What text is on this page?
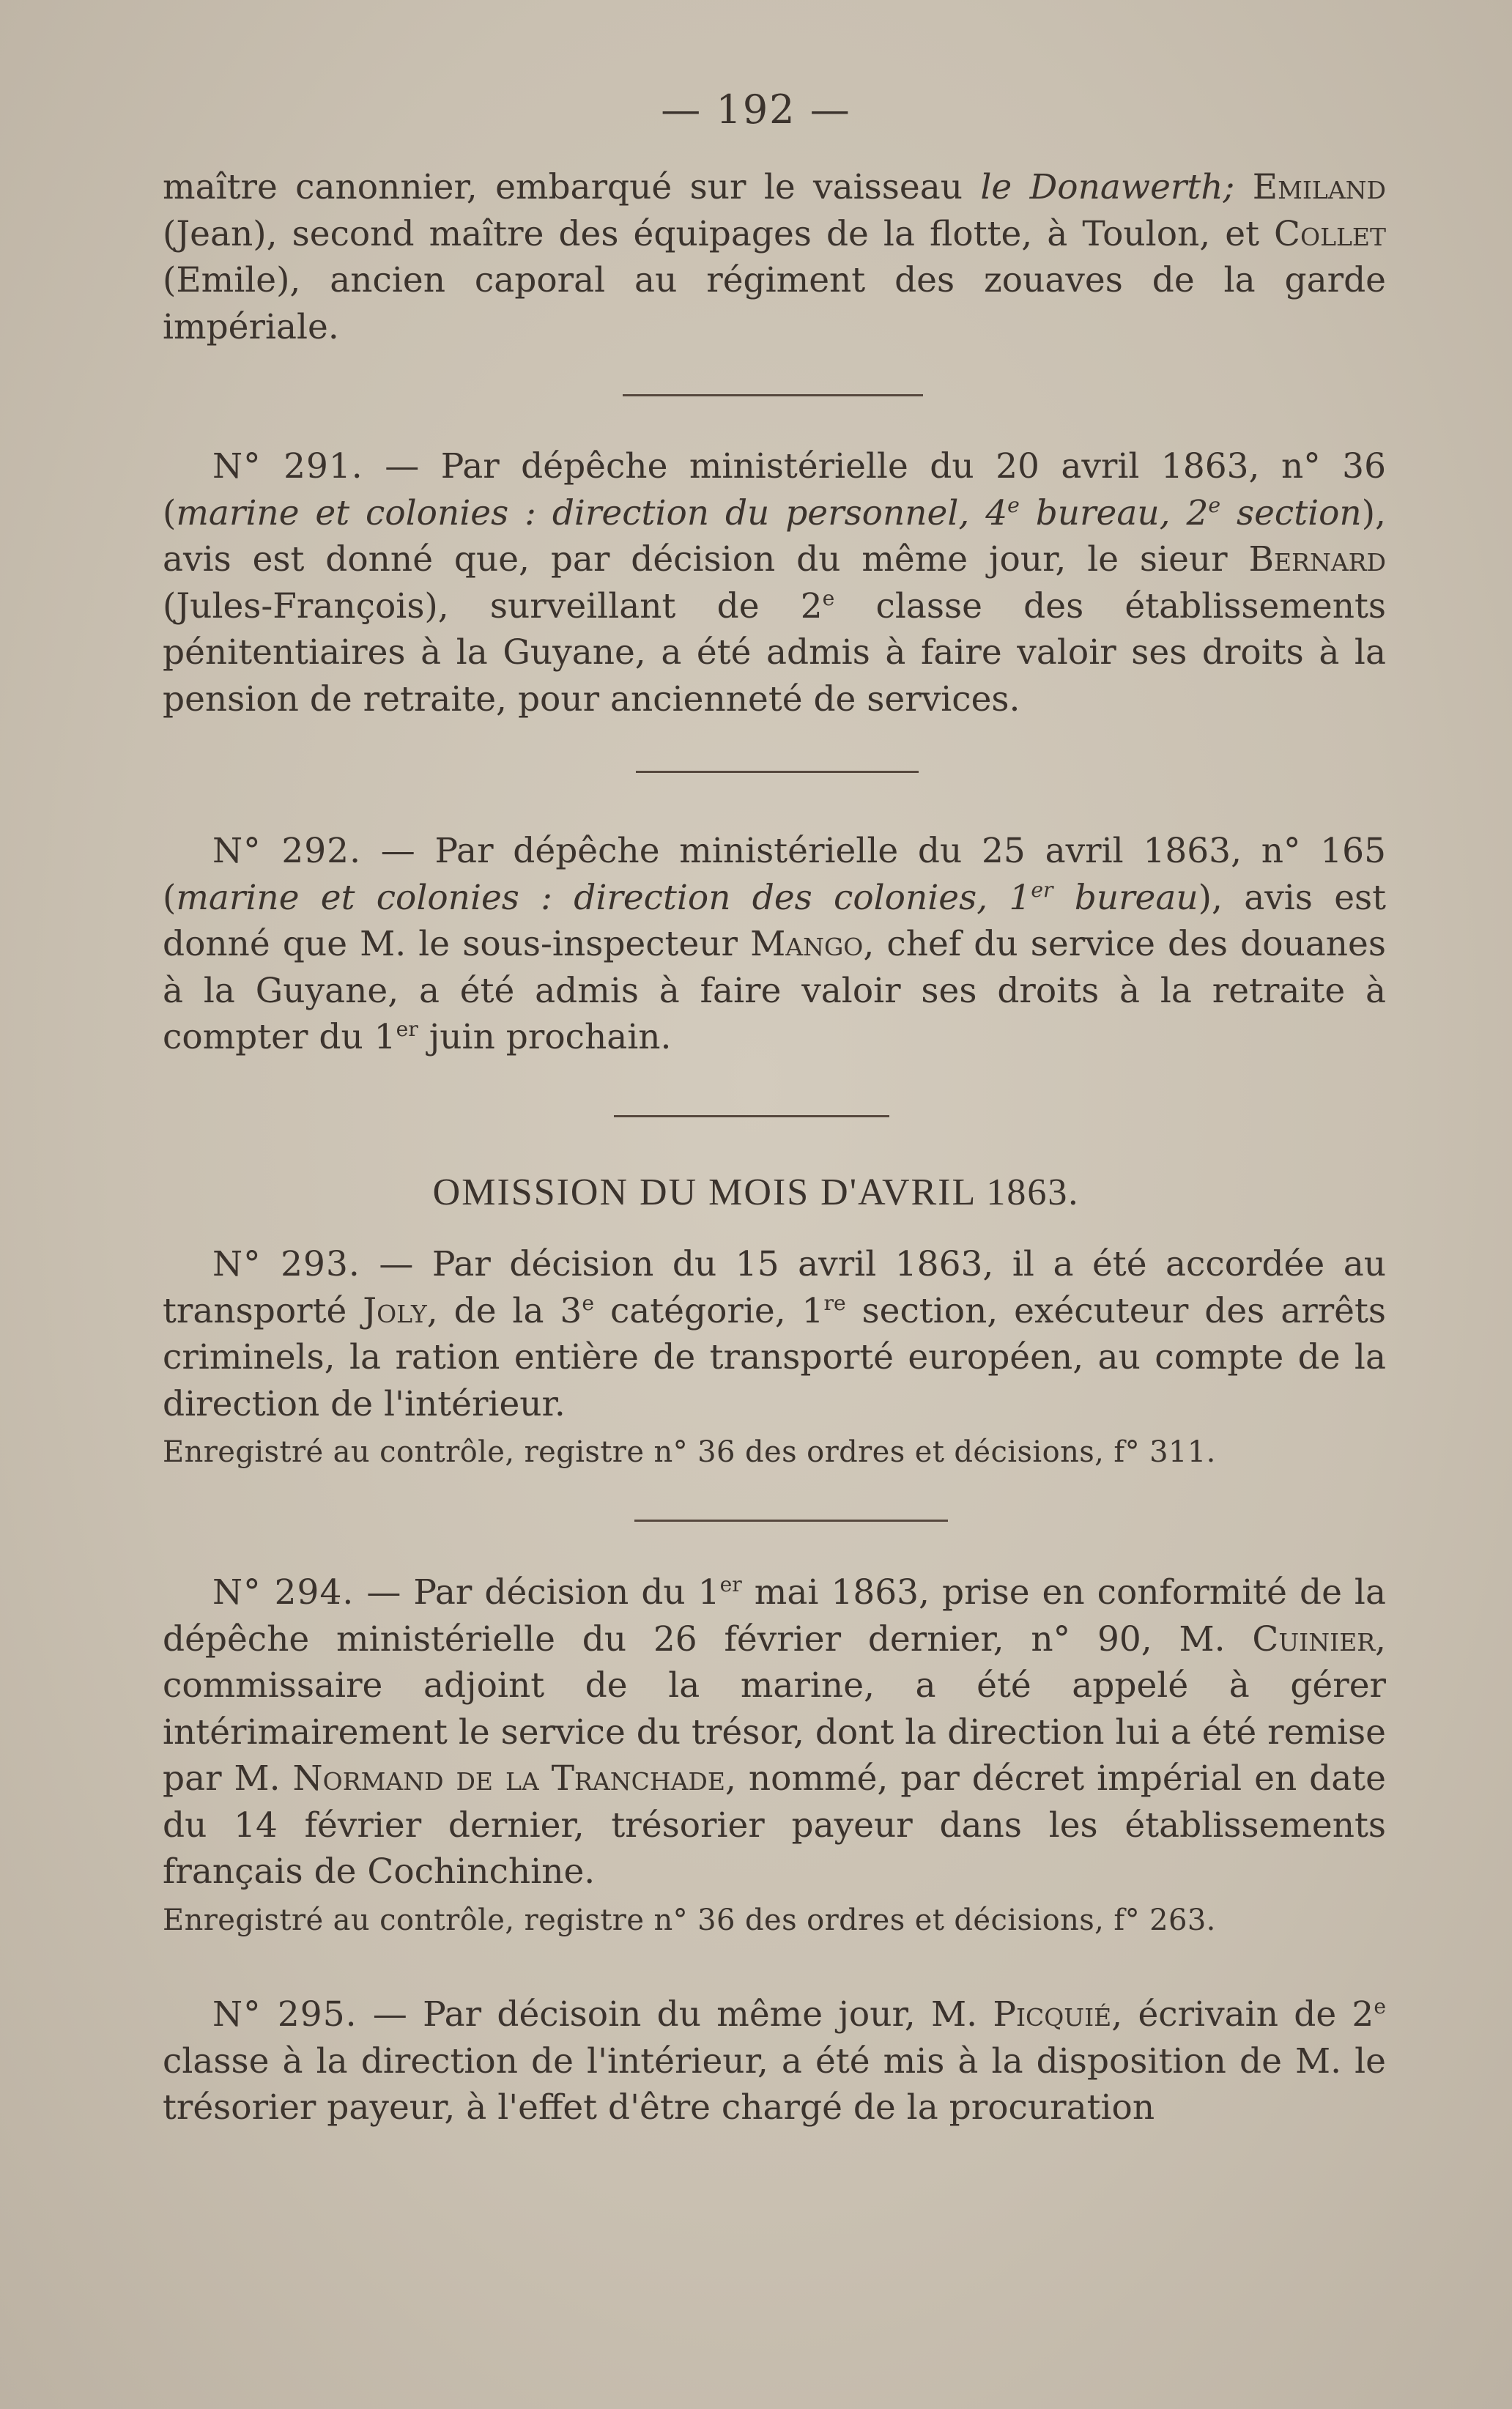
— 192 —

maître canonnier, embarqué sur le vaisseau le Donawerth; Emiland (Jean), second maître des équipages de la flotte, à Toulon, et Collet (Emile), ancien caporal au régiment des zouaves de la garde impériale.

N° 291. — Par dépêche ministérielle du 20 avril 1863, n° 36 (marine et colonies : direction du personnel, 4e bureau, 2e section), avis est donné que, par décision du même jour, le sieur Bernard (Jules-François), surveillant de 2e classe des établissements pénitentiaires à la Guyane, a été admis à faire valoir ses droits à la pension de retraite, pour ancienneté de services.

N° 292. — Par dépêche ministérielle du 25 avril 1863, n° 165 (marine et colonies : direction des colonies, 1er bureau), avis est donné que M. le sous-inspecteur Mango, chef du service des douanes à la Guyane, a été admis à faire valoir ses droits à la retraite à compter du 1er juin prochain.

OMISSION DU MOIS D'AVRIL 1863.

N° 293. — Par décision du 15 avril 1863, il a été accordée au transporté Joly, de la 3e catégorie, 1re section, exécuteur des arrêts criminels, la ration entière de transporté européen, au compte de la direction de l'intérieur.

Enregistré au contrôle, registre n° 36 des ordres et décisions, f° 311.

N° 294. — Par décision du 1er mai 1863, prise en conformité de la dépêche ministérielle du 26 février dernier, n° 90, M. Cuinier, commissaire adjoint de la marine, a été appelé à gérer intérimairement le service du trésor, dont la direction lui a été remise par M. Normand de la Tranchade, nommé, par décret impérial en date du 14 février dernier, trésorier payeur dans les établissements français de Cochinchine.

Enregistré au contrôle, registre n° 36 des ordres et décisions, f° 263.

N° 295. — Par décisoin du même jour, M. Picquié, écrivain de 2e classe à la direction de l'intérieur, a été mis à la disposition de M. le trésorier payeur, à l'effet d'être chargé de la procuration
